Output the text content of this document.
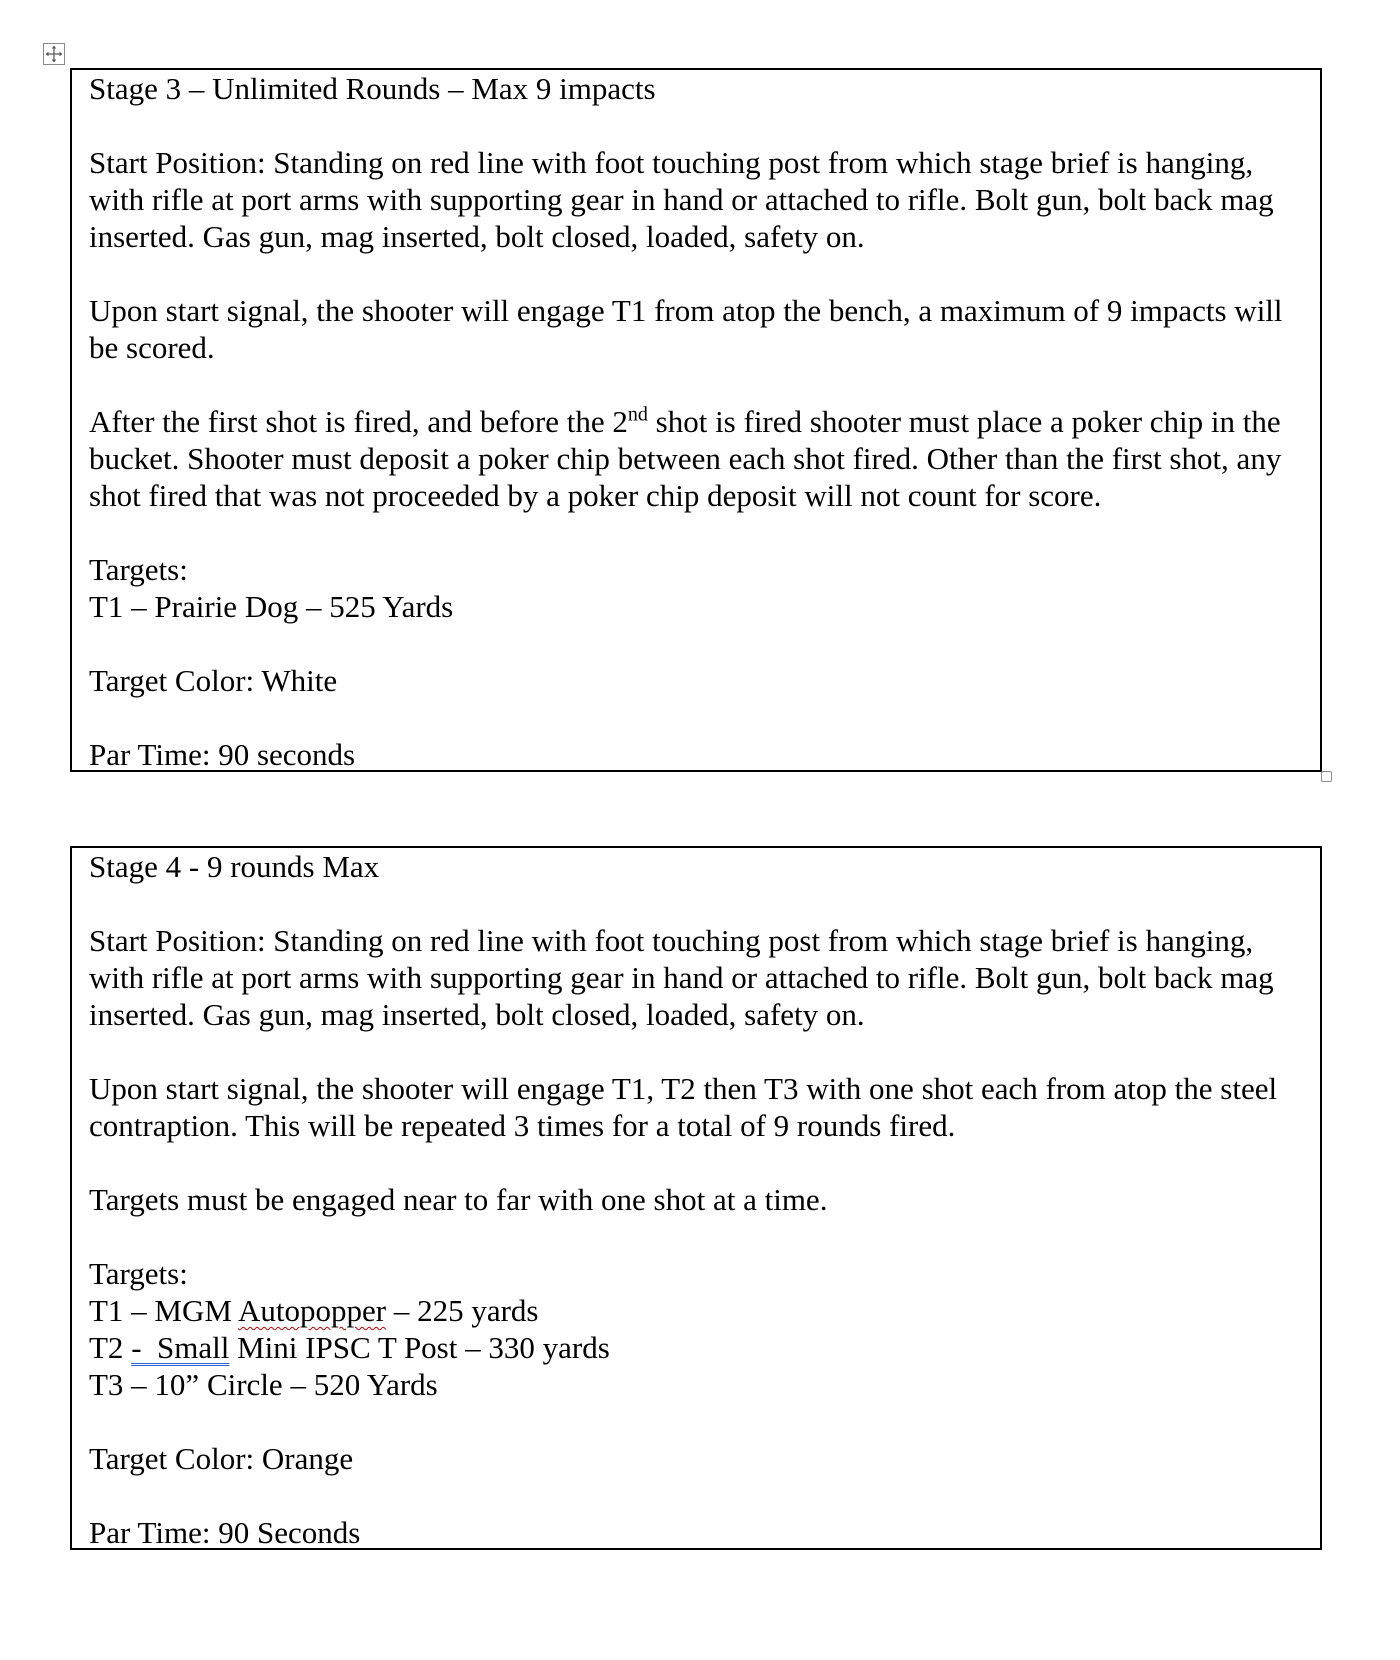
Stage 3 – Unlimited Rounds – Max 9 impacts

Start Position: Standing on red line with foot touching post from which stage brief is hanging, with rifle at port arms with supporting gear in hand or attached to rifle. Bolt gun, bolt back mag inserted. Gas gun, mag inserted, bolt closed, loaded, safety on.

Upon start signal, the shooter will engage T1 from atop the bench, a maximum of 9 impacts will be scored.

After the first shot is fired, and before the 2nd shot is fired shooter must place a poker chip in the bucket. Shooter must deposit a poker chip between each shot fired. Other than the first shot, any shot fired that was not proceeded by a poker chip deposit will not count for score.

Targets:

T1 – Prairie Dog – 525 Yards

Target Color: White

Par Time: 90 seconds

Stage 4 - 9 rounds Max

Start Position: Standing on red line with foot touching post from which stage brief is hanging, with rifle at port arms with supporting gear in hand or attached to rifle. Bolt gun, bolt back mag inserted. Gas gun, mag inserted, bolt closed, loaded, safety on.

Upon start signal, the shooter will engage T1, T2 then T3 with one shot each from atop the steel contraption. This will be repeated 3 times for a total of 9 rounds fired.

Targets must be engaged near to far with one shot at a time.

Targets:

T1 – MGM Autopopper – 225 yards

T2 -  Small Mini IPSC T Post – 330 yards

T3 – 10” Circle – 520 Yards

Target Color: Orange

Par Time: 90 Seconds
